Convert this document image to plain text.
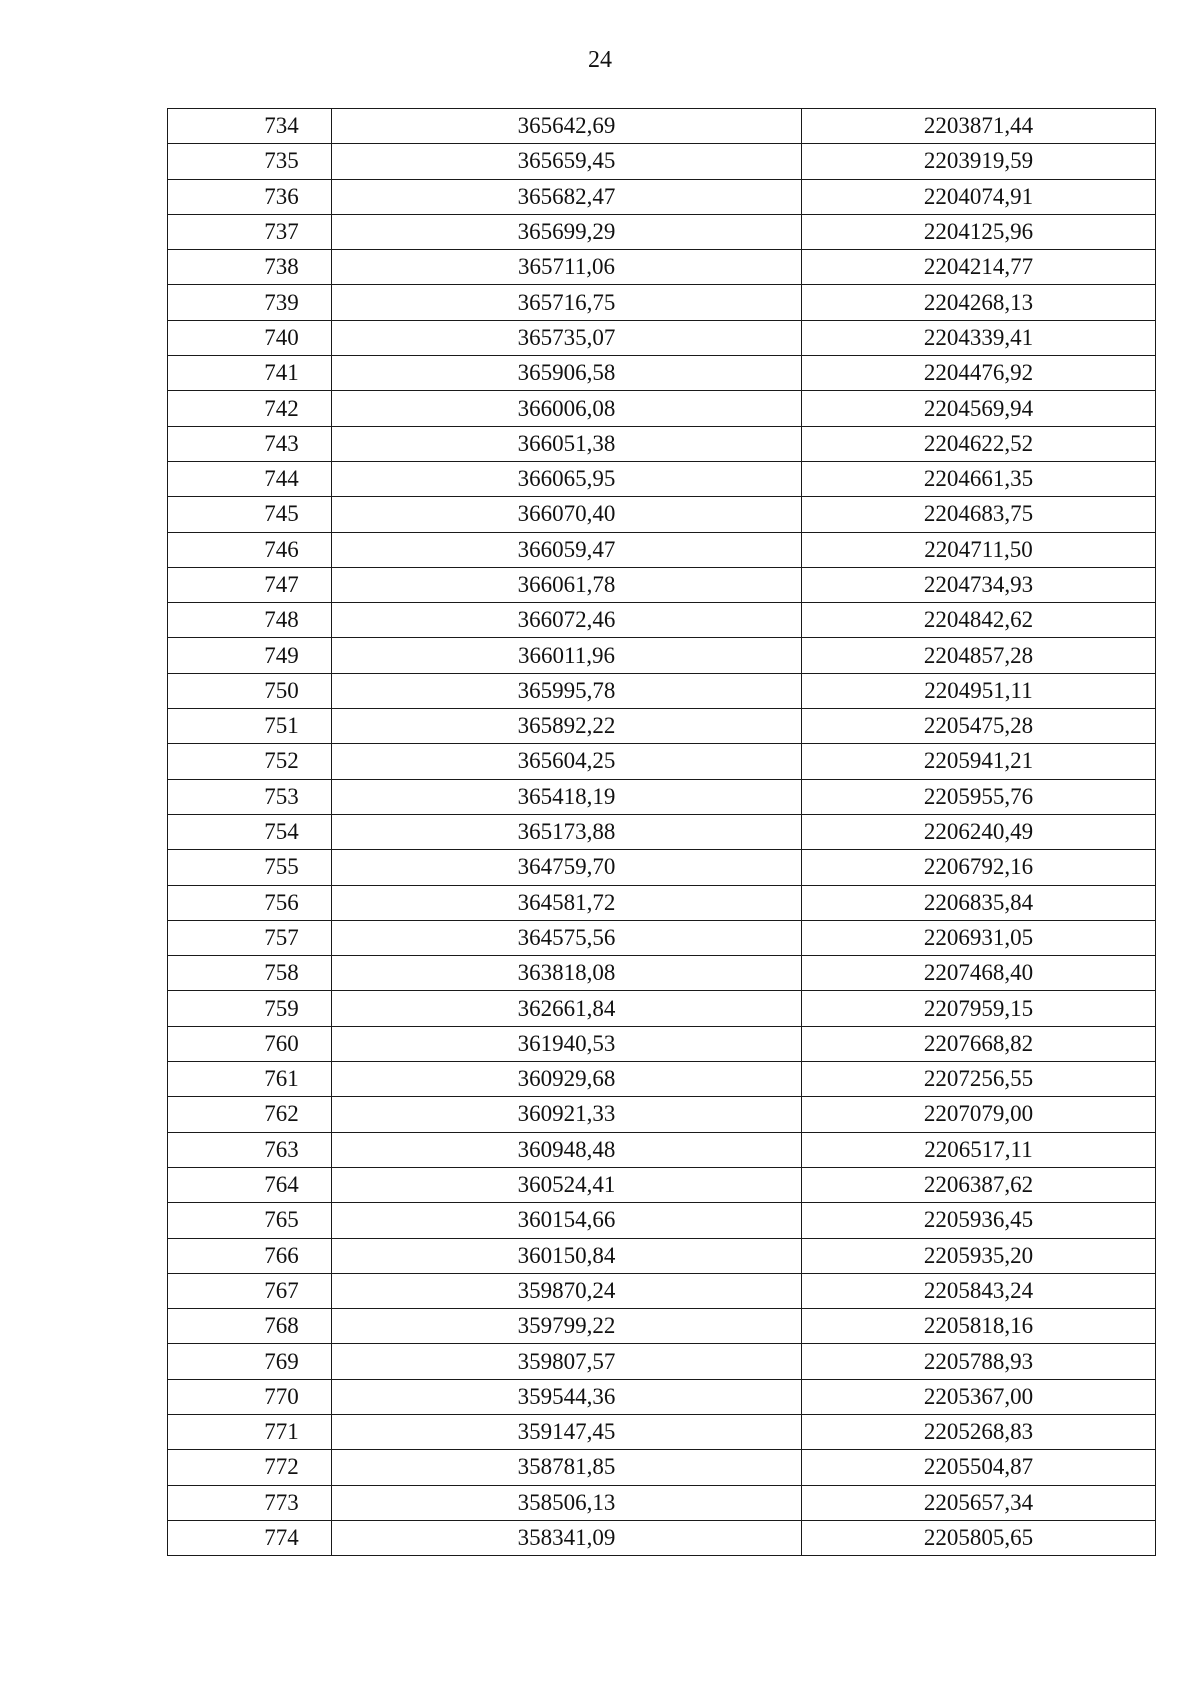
24
734	365642,69	2203871,44
735	365659,45	2203919,59
736	365682,47	2204074,91
737	365699,29	2204125,96
738	365711,06	2204214,77
739	365716,75	2204268,13
740	365735,07	2204339,41
741	365906,58	2204476,92
742	366006,08	2204569,94
743	366051,38	2204622,52
744	366065,95	2204661,35
745	366070,40	2204683,75
746	366059,47	2204711,50
747	366061,78	2204734,93
748	366072,46	2204842,62
749	366011,96	2204857,28
750	365995,78	2204951,11
751	365892,22	2205475,28
752	365604,25	2205941,21
753	365418,19	2205955,76
754	365173,88	2206240,49
755	364759,70	2206792,16
756	364581,72	2206835,84
757	364575,56	2206931,05
758	363818,08	2207468,40
759	362661,84	2207959,15
760	361940,53	2207668,82
761	360929,68	2207256,55
762	360921,33	2207079,00
763	360948,48	2206517,11
764	360524,41	2206387,62
765	360154,66	2205936,45
766	360150,84	2205935,20
767	359870,24	2205843,24
768	359799,22	2205818,16
769	359807,57	2205788,93
770	359544,36	2205367,00
771	359147,45	2205268,83
772	358781,85	2205504,87
773	358506,13	2205657,34
774	358341,09	2205805,65
